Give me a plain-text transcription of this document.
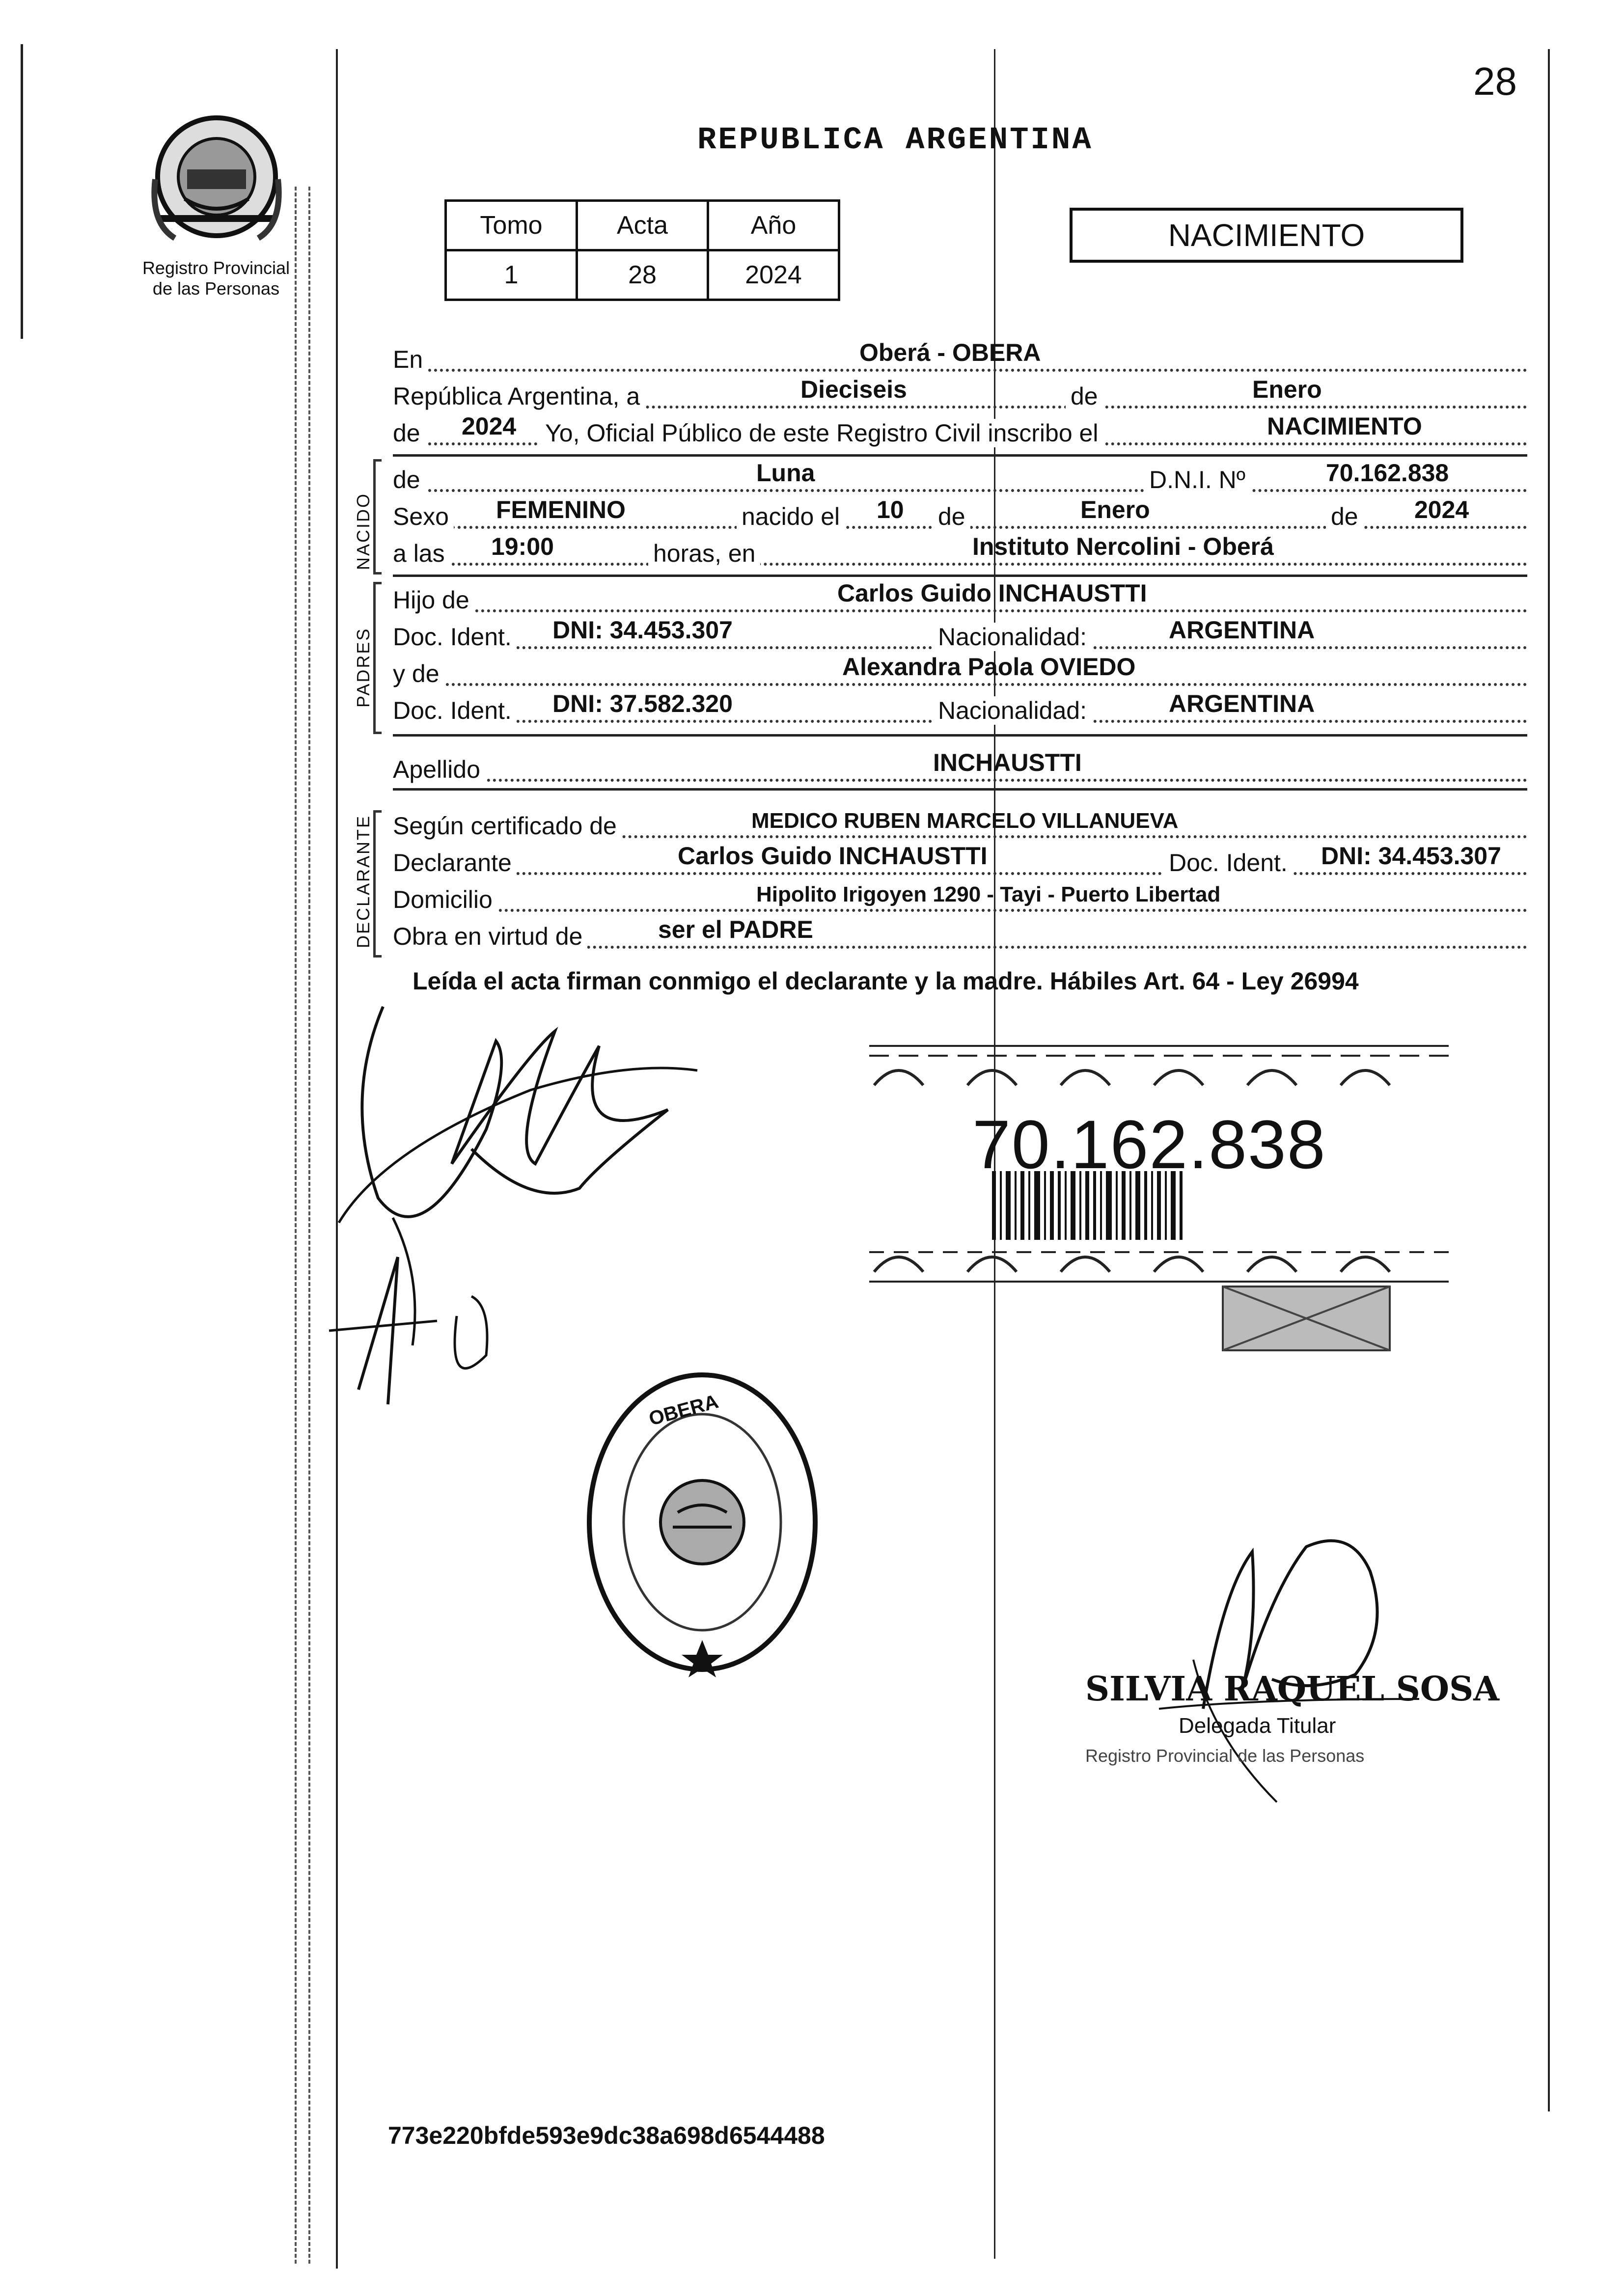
28
Registro Provincial
de las Personas
REPUBLICA ARGENTINA
Tomo	Acta	Año
1	28	2024
NACIMIENTO
En	Oberá - OBERA
República Argentina, a	Dieciseis	de	Enero
de 2024 Yo, Oficial Público de este Registro Civil inscribo el	NACIMIENTO
NACIDO
de	Luna	D.N.I. Nº	70.162.838
Sexo FEMENINO	nacido el 10 de	Enero	de 2024
a las 19:00	horas, en	Instituto Nercolini - Oberá
PADRES
Hijo de	Carlos Guido INCHAUSTTI
Doc. Ident. DNI: 34.453.307	Nacionalidad:	ARGENTINA
y de	Alexandra Paola OVIEDO
Doc. Ident. DNI: 37.582.320	Nacionalidad:	ARGENTINA
Apellido	INCHAUSTTI
DECLARANTE Según certificado de	MEDICO RUBEN MARCELO VILLANUEVA
Declarante	Carlos Guido INCHAUSTTI	Doc. Ident. DNI: 34.453.307
Domicilio	Hipolito Irigoyen 1290 - Tayi - Puerto Libertad
Obra en virtud de	ser el PADRE
Leída el acta firman conmigo el declarante y la madre. Hábiles Art. 64 - Ley 26994
70.162.838
OBERA
SILVIA RAQUEL SOSA
Delegada Titular
Registro Provincial de las Personas
773e220bfde593e9dc38a698d6544488
